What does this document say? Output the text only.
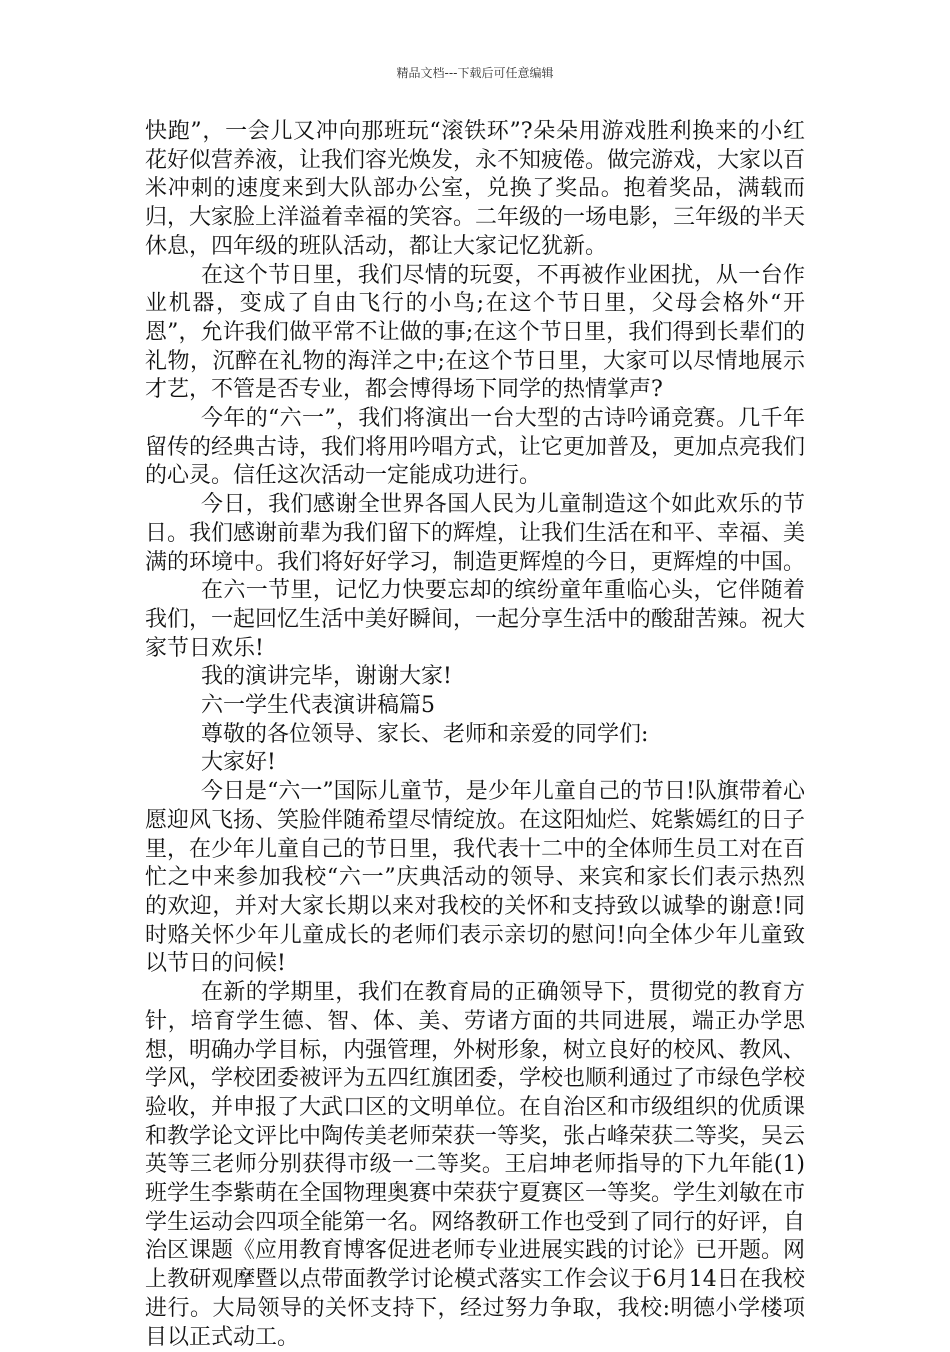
精品文档---下载后可任意编辑

快跑”，一会儿又冲向那班玩“滚铁环”?朵朵用游戏胜利换来的小红花好似营养液，让我们容光焕发，永不知疲倦。做完游戏，大家以百米冲刺的速度来到大队部办公室，兑换了奖品。抱着奖品，满载而归，大家脸上洋溢着幸福的笑容。二年级的一场电影，三年级的半天休息，四年级的班队活动，都让大家记忆犹新。

在这个节日里，我们尽情的玩耍，不再被作业困扰，从一台作业机器，变成了自由飞行的小鸟;在这个节日里，父母会格外“开恩”，允许我们做平常不让做的事;在这个节日里，我们得到长辈们的礼物，沉醉在礼物的海洋之中;在这个节日里，大家可以尽情地展示才艺，不管是否专业，都会博得场下同学的热情掌声?

今年的“六一”，我们将演出一台大型的古诗吟诵竞赛。几千年留传的经典古诗，我们将用吟唱方式，让它更加普及，更加点亮我们的心灵。信任这次活动一定能成功进行。

今日，我们感谢全世界各国人民为儿童制造这个如此欢乐的节日。我们感谢前辈为我们留下的辉煌，让我们生活在和平、幸福、美满的环境中。我们将好好学习，制造更辉煌的今日，更辉煌的中国。

在六一节里，记忆力快要忘却的缤纷童年重临心头，它伴随着我们，一起回忆生活中美好瞬间，一起分享生活中的酸甜苦辣。祝大家节日欢乐!

我的演讲完毕，谢谢大家!

六一学生代表演讲稿篇5

尊敬的各位领导、家长、老师和亲爱的同学们:

大家好!

今日是“六一”国际儿童节，是少年儿童自己的节日!队旗带着心愿迎风飞扬、笑脸伴随希望尽情绽放。在这阳灿烂、姹紫嫣红的日子里，在少年儿童自己的节日里，我代表十二中的全体师生员工对在百忙之中来参加我校“六一”庆典活动的领导、来宾和家长们表示热烈的欢迎，并对大家长期以来对我校的关怀和支持致以诚挚的谢意!同时赂关怀少年儿童成长的老师们表示亲切的慰问!向全体少年儿童致以节日的问候!

在新的学期里，我们在教育局的正确领导下，贯彻党的教育方针，培育学生德、智、体、美、劳诸方面的共同进展，端正办学思想，明确办学目标，内强管理，外树形象，树立良好的校风、教风、学风，学校团委被评为五四红旗团委，学校也顺利通过了市绿色学校验收，并申报了大武口区的文明单位。在自治区和市级组织的优质课和教学论文评比中陶传美老师荣获一等奖，张占峰荣获二等奖，吴云英等三老师分别获得市级一二等奖。王启坤老师指导的下九年能(1)班学生李紫萌在全国物理奥赛中荣获宁夏赛区一等奖。学生刘敏在市学生运动会四项全能第一名。网络教研工作也受到了同行的好评，自治区课题《应用教育博客促进老师专业进展实践的讨论》已开题。网上教研观摩暨以点带面教学讨论模式落实工作会议于6月14日在我校进行。大局领导的关怀支持下，经过努力争取，我校:明德小学楼项目以正式动工。
